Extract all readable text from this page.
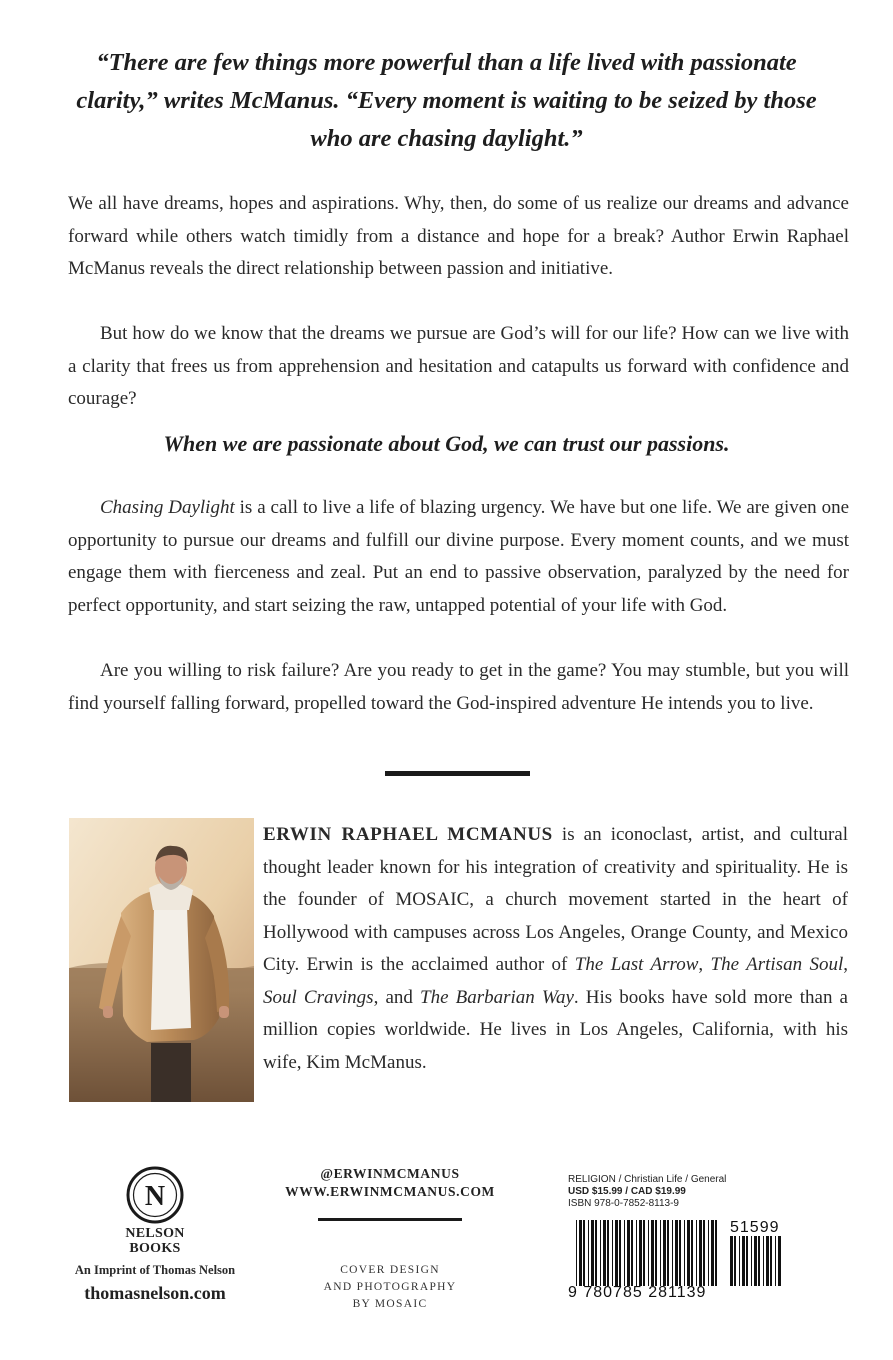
“There are few things more powerful than a life lived with passionate clarity,” writes McManus. “Every moment is waiting to be seized by those who are chasing daylight.”
We all have dreams, hopes and aspirations. Why, then, do some of us realize our dreams and advance forward while others watch timidly from a distance and hope for a break? Author Erwin Raphael McManus reveals the direct relationship between passion and initiative.
But how do we know that the dreams we pursue are God’s will for our life? How can we live with a clarity that frees us from apprehension and hesitation and catapults us forward with confidence and courage?
When we are passionate about God, we can trust our passions.
Chasing Daylight is a call to live a life of blazing urgency. We have but one life. We are given one opportunity to pursue our dreams and fulfill our divine purpose. Every moment counts, and we must engage them with fierceness and zeal. Put an end to passive observation, paralyzed by the need for perfect opportunity, and start seizing the raw, untapped potential of your life with God.
Are you willing to risk failure? Are you ready to get in the game? You may stumble, but you will find yourself falling forward, propelled toward the God-inspired adventure He intends you to live.
ERWIN RAPHAEL MCMANUS is an iconoclast, artist, and cultural thought leader known for his integration of creativity and spirituality. He is the founder of MOSAIC, a church movement started in the heart of Hollywood with campuses across Los Angeles, Orange County, and Mexico City. Erwin is the acclaimed author of The Last Arrow, The Artisan Soul, Soul Cravings, and The Barbarian Way. His books have sold more than a million copies worldwide. He lives in Los Angeles, California, with his wife, Kim McManus.
N
NELSON
BOOKS
An Imprint of Thomas Nelson
thomasnelson.com
@ERWINMCMANUS
WWW.ERWINMCMANUS.COM
COVER DESIGN
AND PHOTOGRAPHY
BY MOSAIC
RELIGION / Christian Life / General
USD $15.99 / CAD $19.99
ISBN 978-0-7852-8113-9
51599
9 780785 281139
